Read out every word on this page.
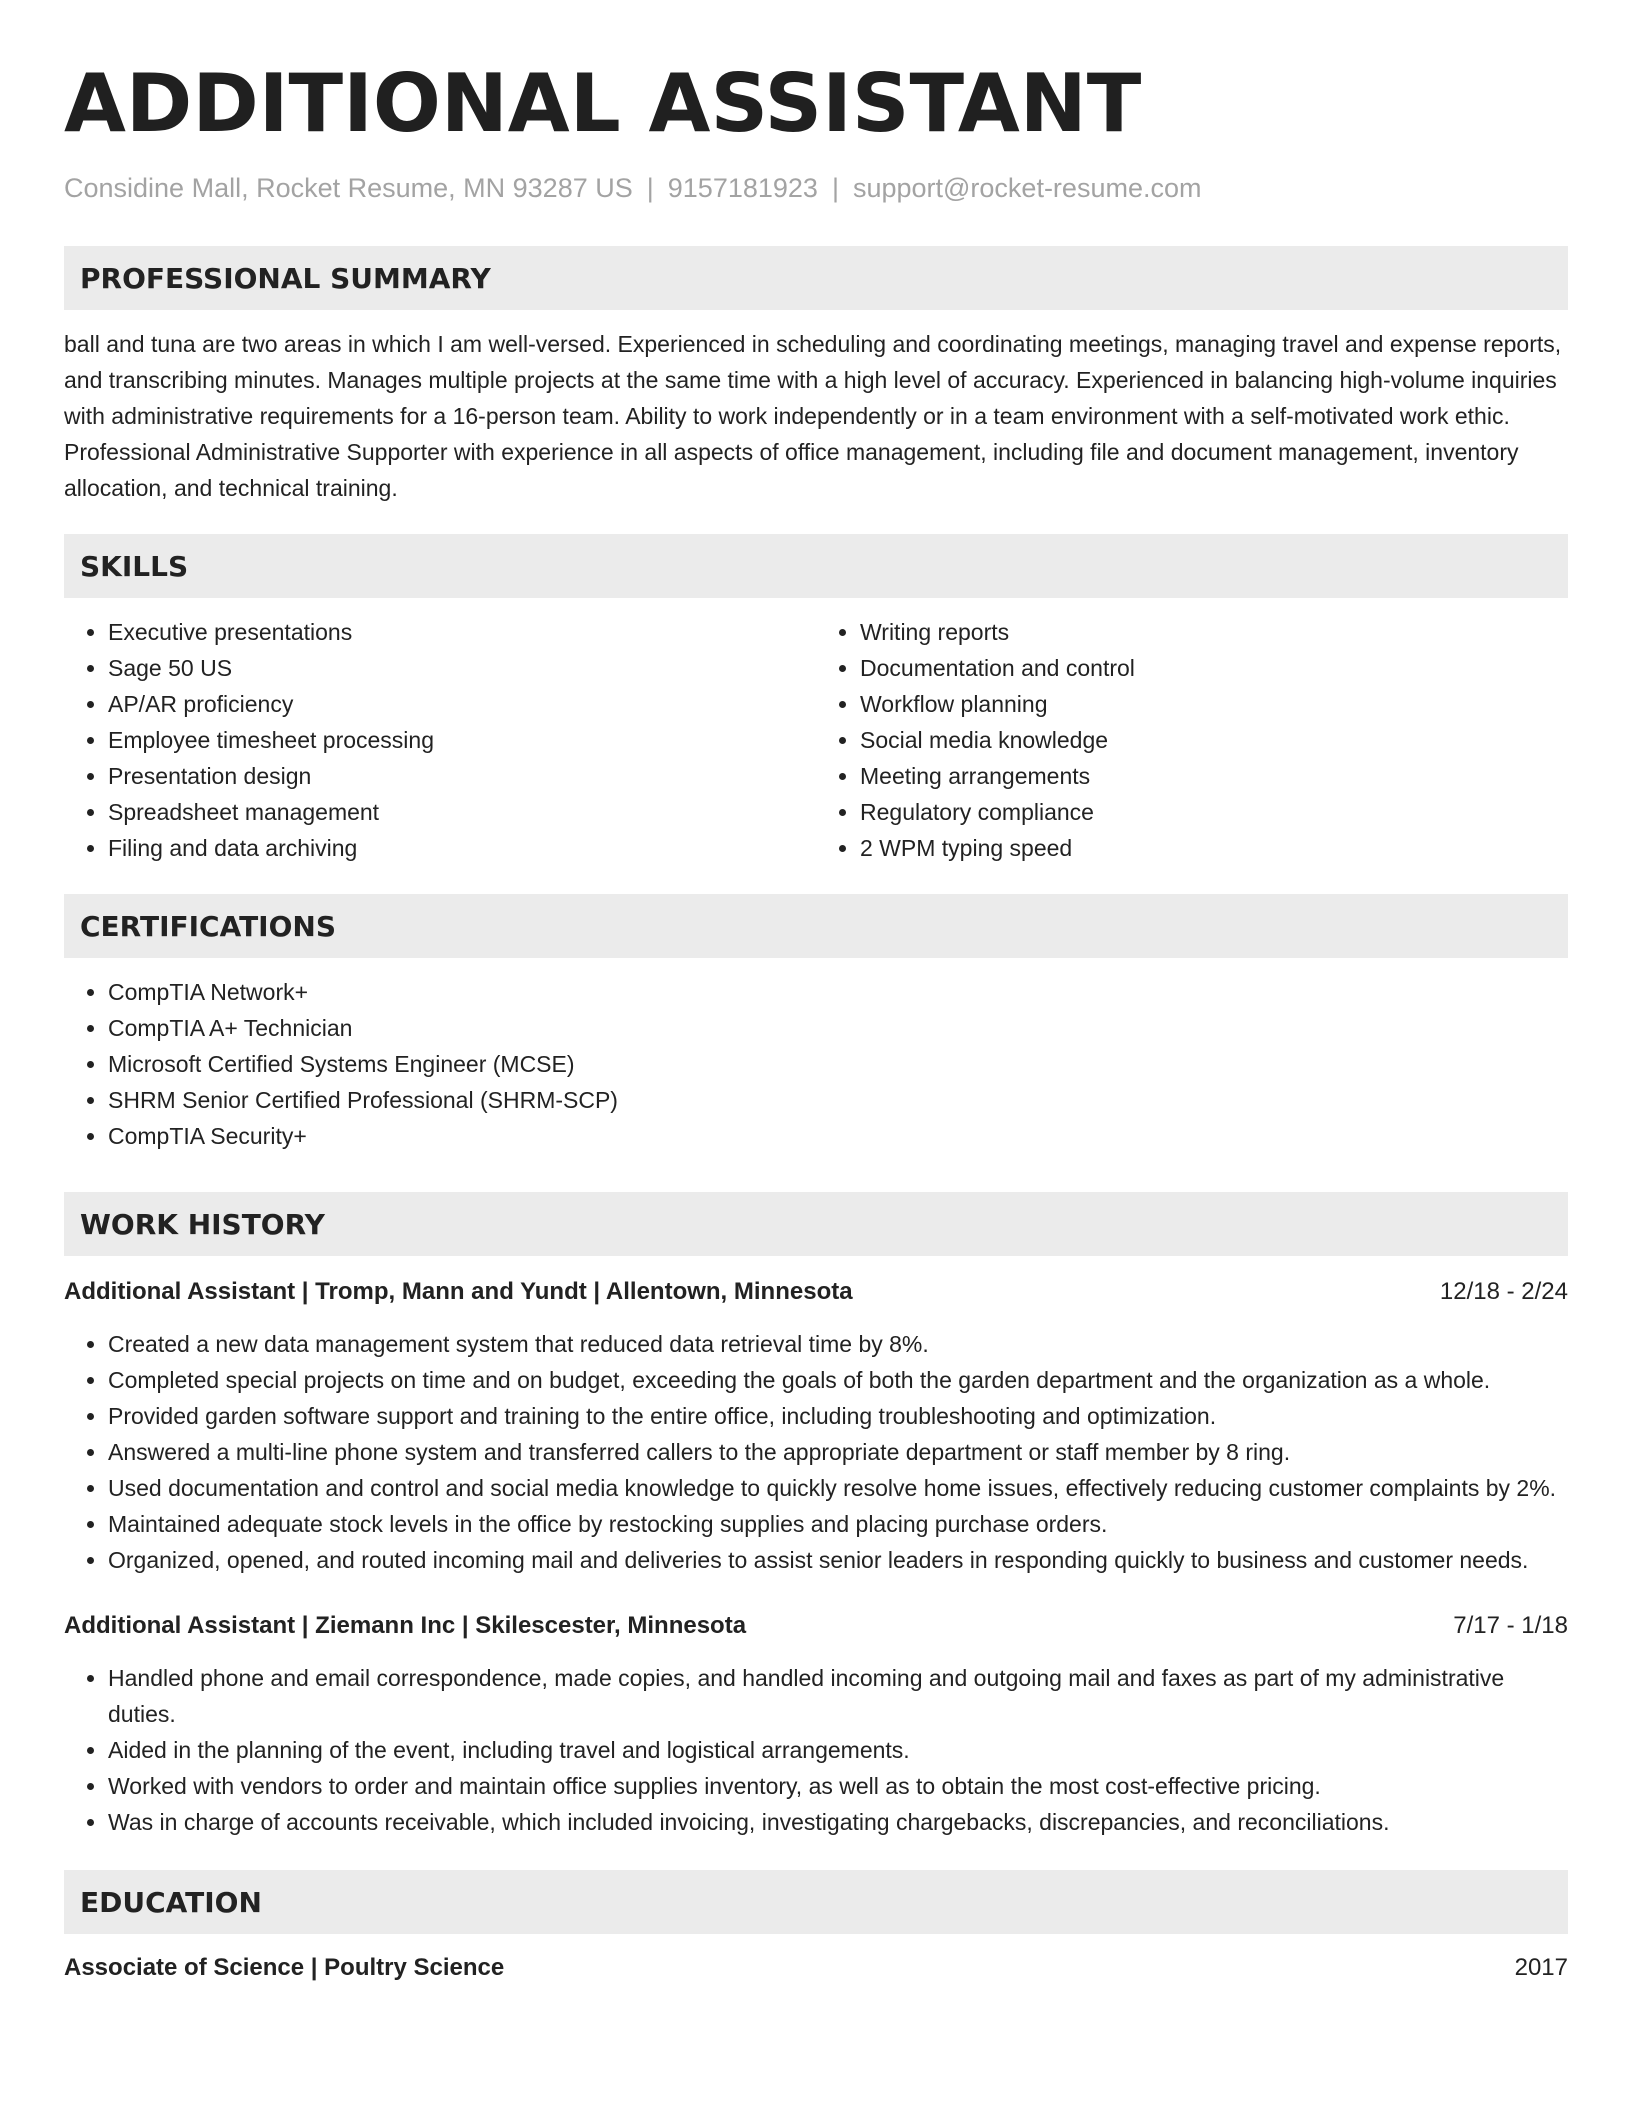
ADDITIONAL ASSISTANT
Considine Mall, Rocket Resume, MN 93287 US | 9157181923 | support@rocket-resume.com
PROFESSIONAL SUMMARY

ball and tuna are two areas in which I am well-versed. Experienced in scheduling and coordinating meetings, managing travel and expense reports, and transcribing minutes. Manages multiple projects at the same time with a high level of accuracy. Experienced in balancing high-volume inquiries with administrative requirements for a 16-person team. Ability to work independently or in a team environment with a self-motivated work ethic. Professional Administrative Supporter with experience in all aspects of office management, including file and document management, inventory allocation, and technical training.

SKILLS
• Executive presentations
• Sage 50 US
• AP/AR proficiency
• Employee timesheet processing
• Presentation design
• Spreadsheet management
• Filing and data archiving
• Writing reports
• Documentation and control
• Workflow planning
• Social media knowledge
• Meeting arrangements
• Regulatory compliance
• 2 WPM typing speed
CERTIFICATIONS
• CompTIA Network+
• CompTIA A+ Technician
• Microsoft Certified Systems Engineer (MCSE)
• SHRM Senior Certified Professional (SHRM-SCP)
• CompTIA Security+
WORK HISTORY
Additional Assistant | Tromp, Mann and Yundt | Allentown, Minnesota	12/18 - 2/24
• Created a new data management system that reduced data retrieval time by 8%.
• Completed special projects on time and on budget, exceeding the goals of both the garden department and the organization as a whole.
• Provided garden software support and training to the entire office, including troubleshooting and optimization.
• Answered a multi-line phone system and transferred callers to the appropriate department or staff member by 8 ring.
• Used documentation and control and social media knowledge to quickly resolve home issues, effectively reducing customer complaints by 2%.
• Maintained adequate stock levels in the office by restocking supplies and placing purchase orders.
• Organized, opened, and routed incoming mail and deliveries to assist senior leaders in responding quickly to business and customer needs.
Additional Assistant | Ziemann Inc | Skilescester, Minnesota	7/17 - 1/18
• Handled phone and email correspondence, made copies, and handled incoming and outgoing mail and faxes as part of my administrative duties.
• Aided in the planning of the event, including travel and logistical arrangements.
• Worked with vendors to order and maintain office supplies inventory, as well as to obtain the most cost-effective pricing.
• Was in charge of accounts receivable, which included invoicing, investigating chargebacks, discrepancies, and reconciliations.
EDUCATION
Associate of Science | Poultry Science	2017
